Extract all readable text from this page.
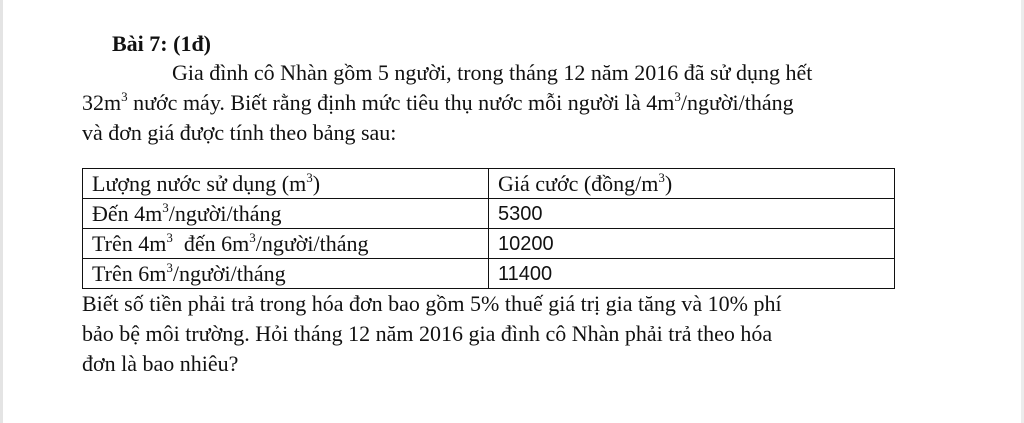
Bài 7: (1đ)

Gia đình cô Nhàn gồm 5 người, trong tháng 12 năm 2016 đã sử dụng hết

$32m^3$ nước máy. Biết rằng định mức tiêu thụ nước mỗi người là $4m^3/người$/tháng

và đơn giá được tính theo bảng sau:

Lượng nước sử dụng $(m^3)$	Giá cước $(đồng/m^3)$
Đến $4m^3/người$/tháng	5300
Trên $4m^3$  đến $6m^3/người$/tháng	10200
Trên $6m^3/người$/tháng	11400

Biết số tiền phải trả trong hóa đơn bao gồm 5% thuế giá trị gia tăng và 10% phí

bảo bệ môi trường. Hỏi tháng 12 năm 2016 gia đình cô Nhàn phải trả theo hóa

đơn là bao nhiêu?
